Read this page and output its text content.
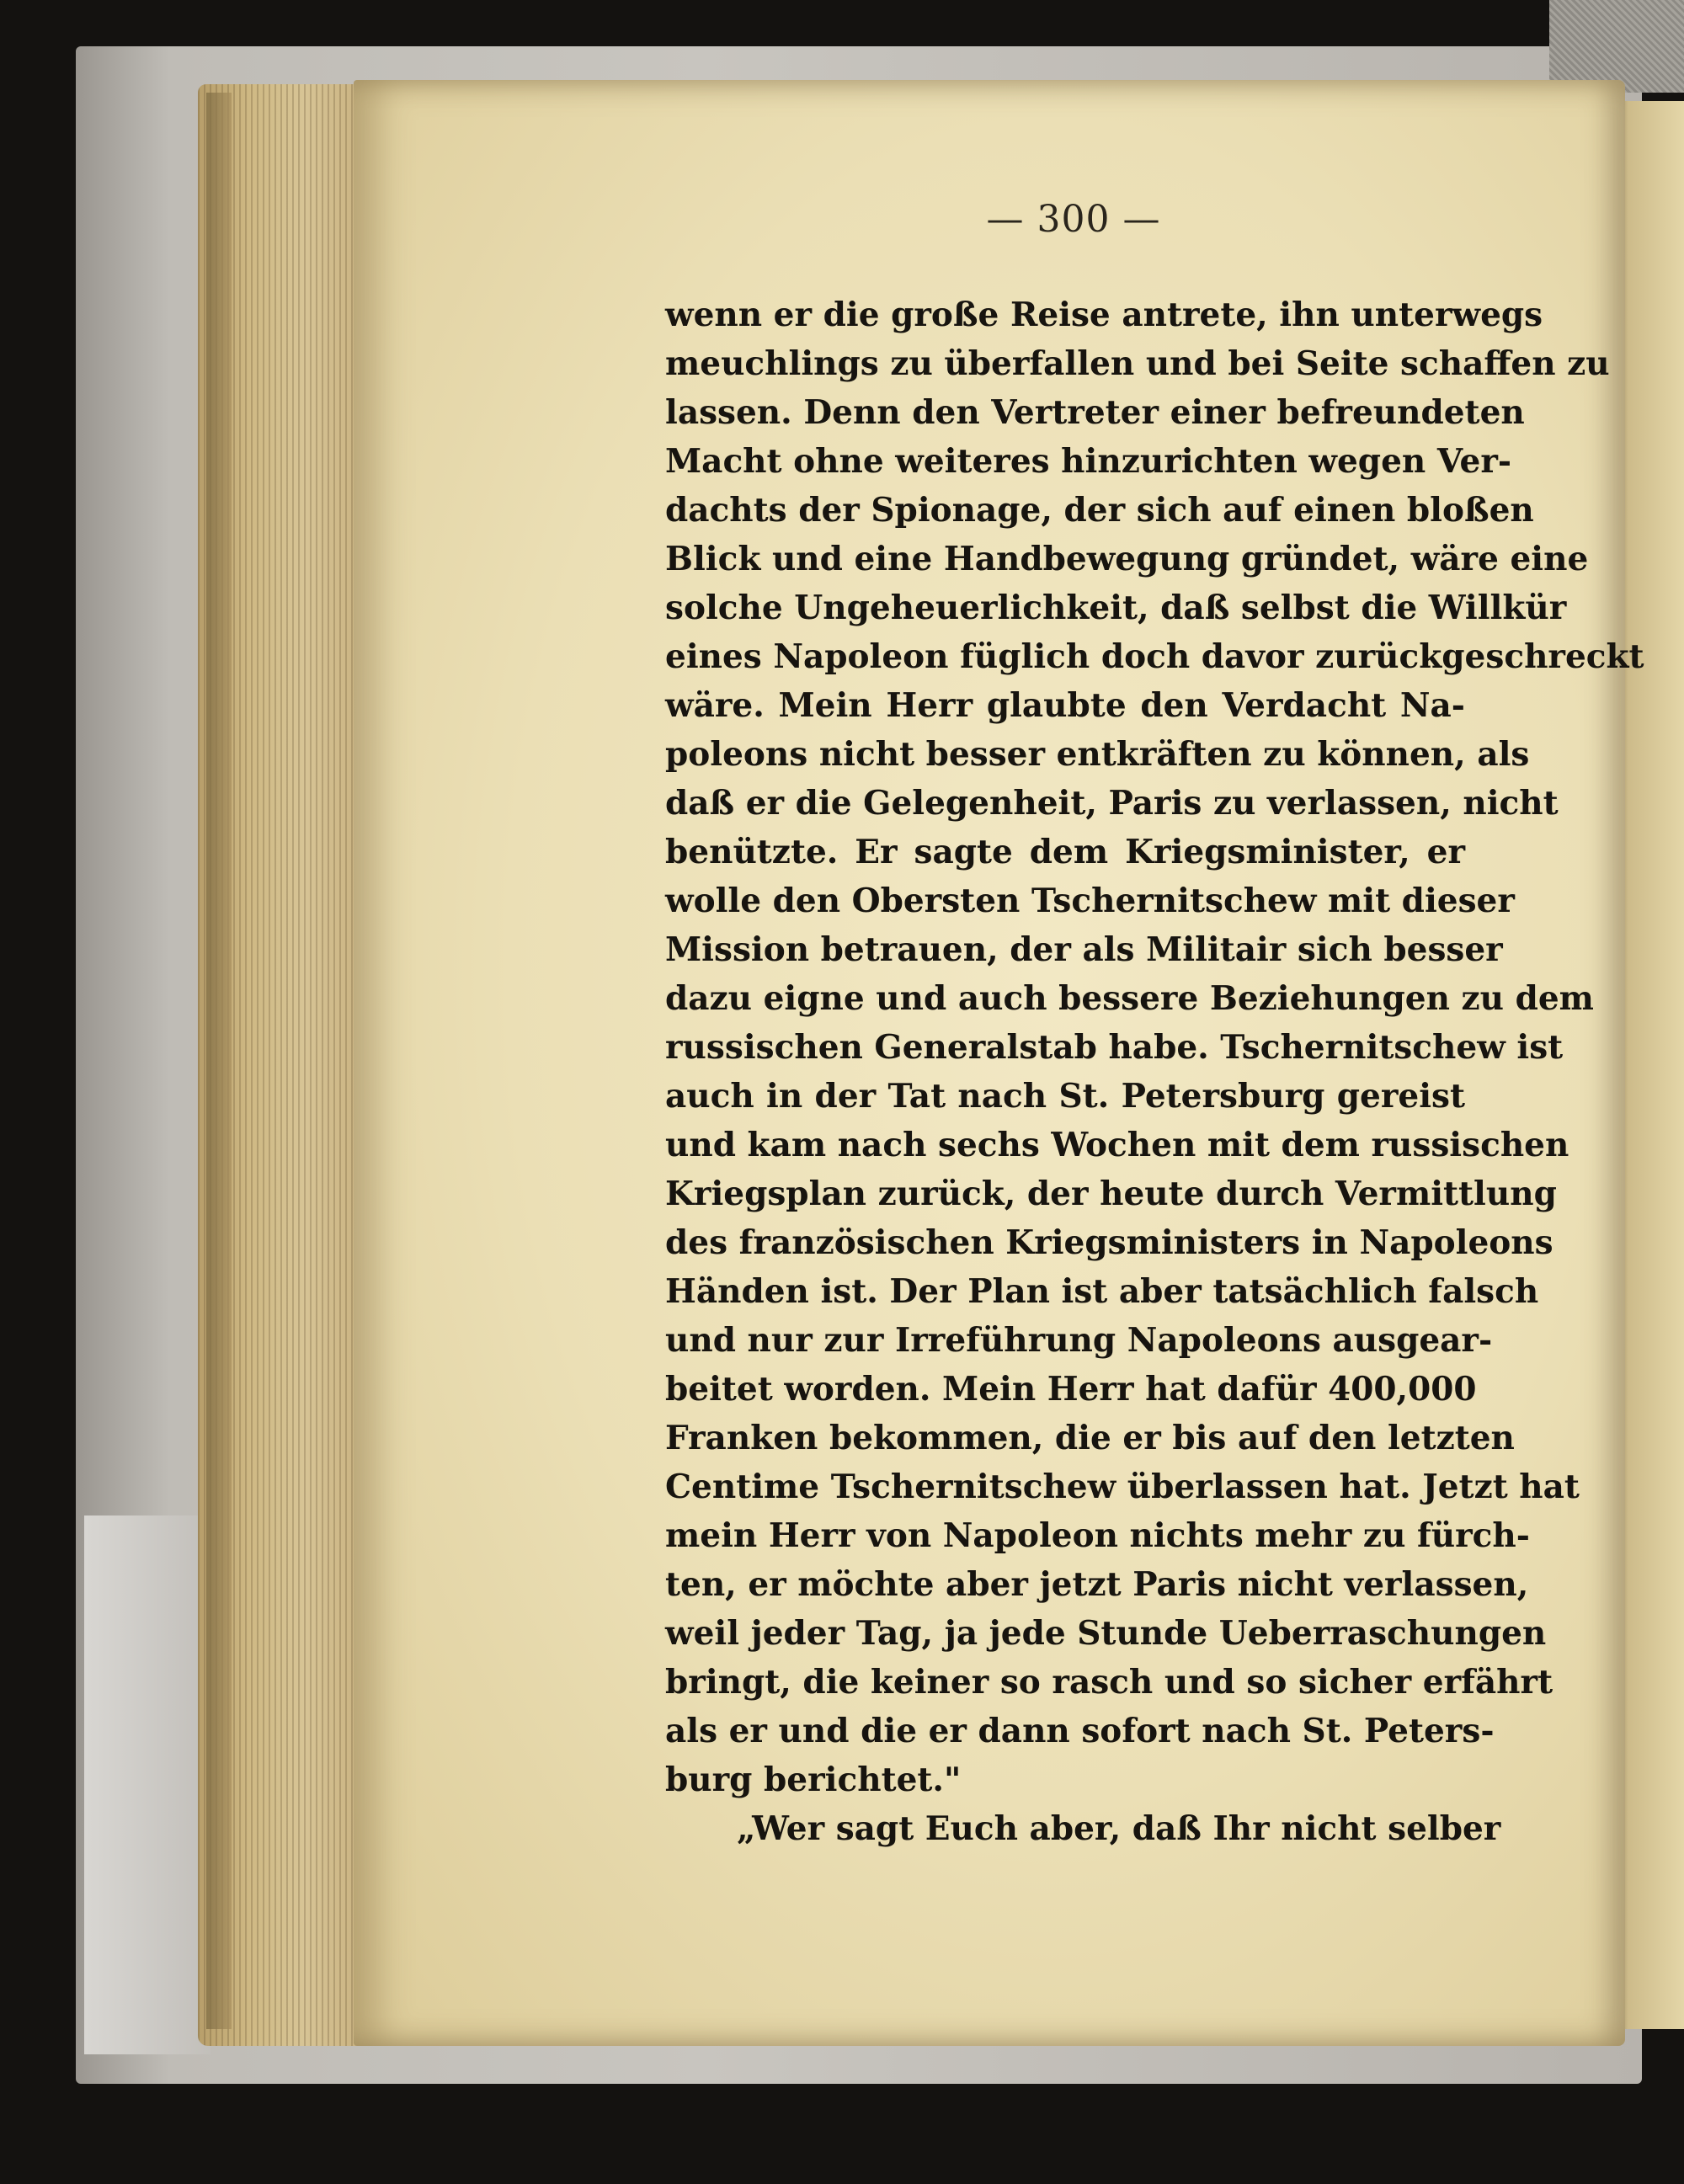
— 300 —
wenn er die große Reise antrete, ihn unterwegs
meuchlings zu überfallen und bei Seite schaffen zu
lassen. Denn den Vertreter einer befreundeten
Macht ohne weiteres hinzurichten wegen Ver-
dachts der Spionage, der sich auf einen bloßen
Blick und eine Handbewegung gründet, wäre eine
solche Ungeheuerlichkeit, daß selbst die Willkür
eines Napoleon füglich doch davor zurückgeschreckt
wäre. Mein Herr glaubte den Verdacht Na-
poleons nicht besser entkräften zu können, als
daß er die Gelegenheit, Paris zu verlassen, nicht
benützte. Er sagte dem Kriegsminister, er
wolle den Obersten Tschernitschew mit dieser
Mission betrauen, der als Militair sich besser
dazu eigne und auch bessere Beziehungen zu dem
russischen Generalstab habe. Tschernitschew ist
auch in der Tat nach St. Petersburg gereist
und kam nach sechs Wochen mit dem russischen
Kriegsplan zurück, der heute durch Vermittlung
des französischen Kriegsministers in Napoleons
Händen ist. Der Plan ist aber tatsächlich falsch
und nur zur Irreführung Napoleons ausgear-
beitet worden. Mein Herr hat dafür 400,000
Franken bekommen, die er bis auf den letzten
Centime Tschernitschew überlassen hat. Jetzt hat
mein Herr von Napoleon nichts mehr zu fürch-
ten, er möchte aber jetzt Paris nicht verlassen,
weil jeder Tag, ja jede Stunde Ueberraschungen
bringt, die keiner so rasch und so sicher erfährt
als er und die er dann sofort nach St. Peters-
burg berichtet."
„Wer sagt Euch aber, daß Ihr nicht selber
